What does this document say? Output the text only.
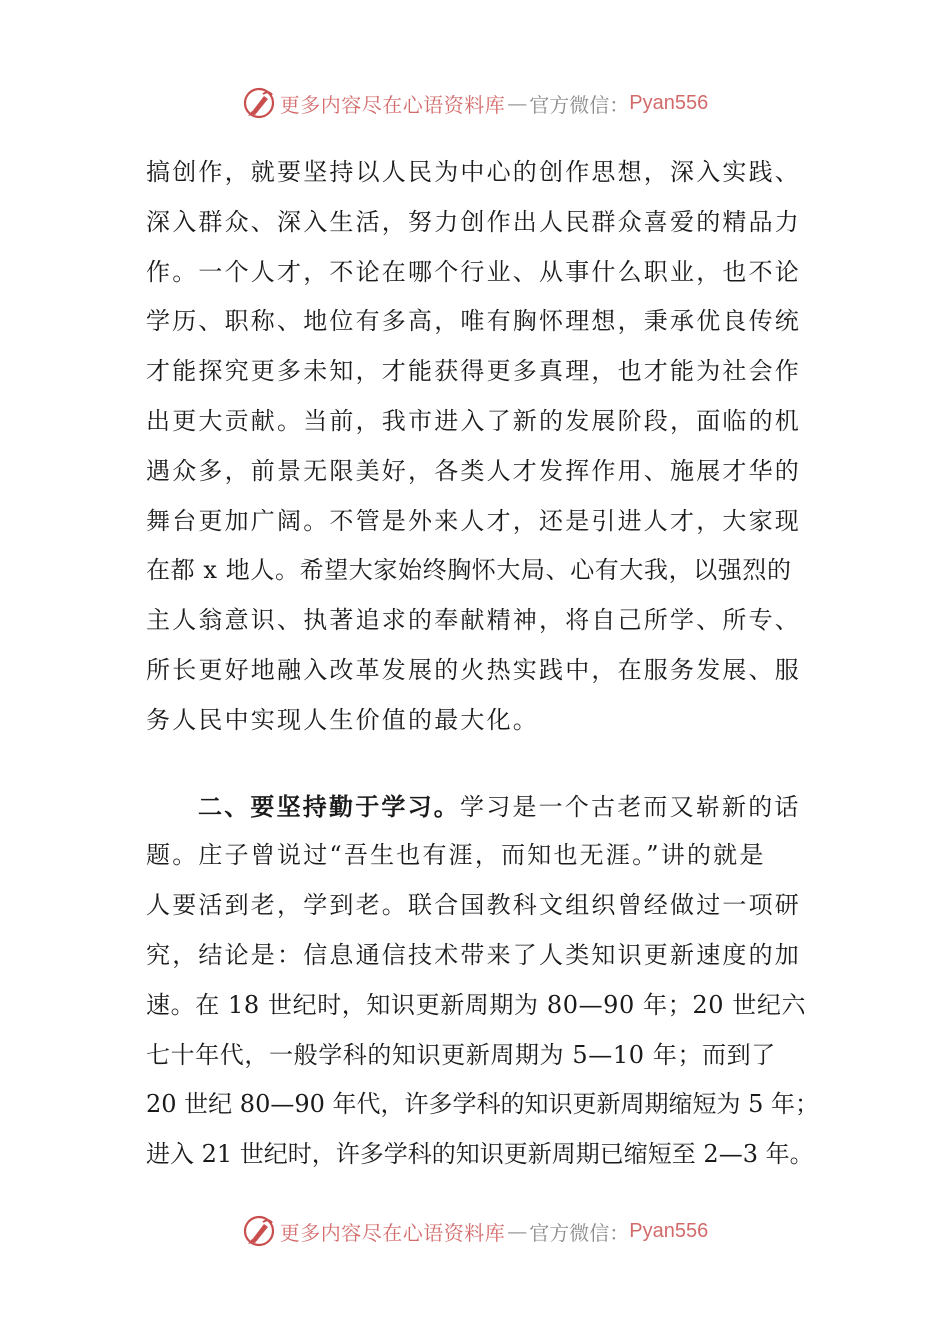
更多内容尽在心语资料库 — 官方微信： Pyan556
搞创作，就要坚持以人民为中心的创作思想，深入实践、
深入群众、深入生活，努力创作出人民群众喜爱的精品力
作。一个人才，不论在哪个行业、从事什么职业，也不论
学历、职称、地位有多高，唯有胸怀理想，秉承优良传统
才能探究更多未知，才能获得更多真理，也才能为社会作
出更大贡献。当前，我市进入了新的发展阶段，面临的机
遇众多，前景无限美好，各类人才发挥作用、施展才华的
舞台更加广阔。不管是外来人才，还是引进人才，大家现
在都 x 地人。希望大家始终胸怀大局、心有大我，以强烈的
主人翁意识、执著追求的奉献精神，将自己所学、所专、
所长更好地融入改革发展的火热实践中，在服务发展、服
务人民中实现人生价值的最大化。
二、要坚持勤于学习。学习是一个古老而又崭新的话
题。庄子曾说过“吾生也有涯，而知也无涯。”讲的就是
人要活到老，学到老。联合国教科文组织曾经做过一项研
究，结论是：信息通信技术带来了人类知识更新速度的加
速。在 18 世纪时，知识更新周期为 80—90 年；20 世纪六
七十年代，一般学科的知识更新周期为 5—10 年；而到了
20 世纪 80—90 年代，许多学科的知识更新周期缩短为 5 年；
进入 21 世纪时，许多学科的知识更新周期已缩短至 2—3 年。
更多内容尽在心语资料库 — 官方微信： Pyan556
